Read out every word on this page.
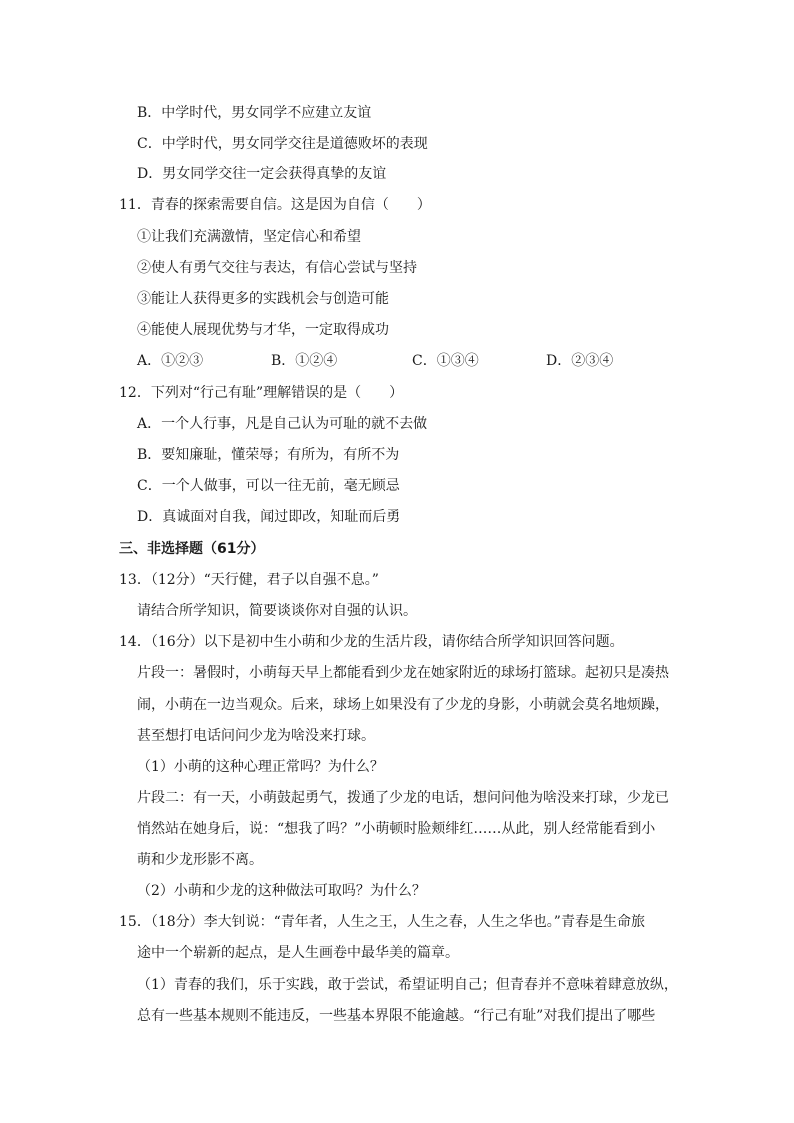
B．中学时代，男女同学不应建立友谊
C．中学时代，男女同学交往是道德败坏的表现
D．男女同学交往一定会获得真挚的友谊
11．青春的探索需要自信。这是因为自信（　　）
①让我们充满激情，坚定信心和希望
②使人有勇气交往与表达，有信心尝试与坚持
③能让人获得更多的实践机会与创造可能
④能使人展现优势与才华，一定取得成功
A．①②③	B．①②④	C．①③④	D．②③④
12．下列对“行己有耻”理解错误的是（　　）
A．一个人行事，凡是自己认为可耻的就不去做
B．要知廉耻，懂荣辱；有所为，有所不为
C．一个人做事，可以一往无前，毫无顾忌
D．真诚面对自我，闻过即改，知耻而后勇
三、非选择题（61分）
13．（12分）“天行健，君子以自强不息。”
请结合所学知识，简要谈谈你对自强的认识。
14．（16分）以下是初中生小萌和少龙的生活片段，请你结合所学知识回答问题。
片段一：暑假时，小萌每天早上都能看到少龙在她家附近的球场打篮球。起初只是凑热
闹，小萌在一边当观众。后来，球场上如果没有了少龙的身影，小萌就会莫名地烦躁，
甚至想打电话问问少龙为啥没来打球。
（1）小萌的这种心理正常吗？为什么？
片段二：有一天，小萌鼓起勇气，拨通了少龙的电话，想问问他为啥没来打球，少龙已
悄然站在她身后，说：“想我了吗？”小萌顿时脸颊绯红……从此，别人经常能看到小
萌和少龙形影不离。
（2）小萌和少龙的这种做法可取吗？为什么？
15．（18分）李大钊说：“青年者，人生之王，人生之春，人生之华也。”青春是生命旅
途中一个崭新的起点，是人生画卷中最华美的篇章。
（1）青春的我们，乐于实践，敢于尝试，希望证明自己；但青春并不意味着肆意放纵，
总有一些基本规则不能违反，一些基本界限不能逾越。“行己有耻”对我们提出了哪些
